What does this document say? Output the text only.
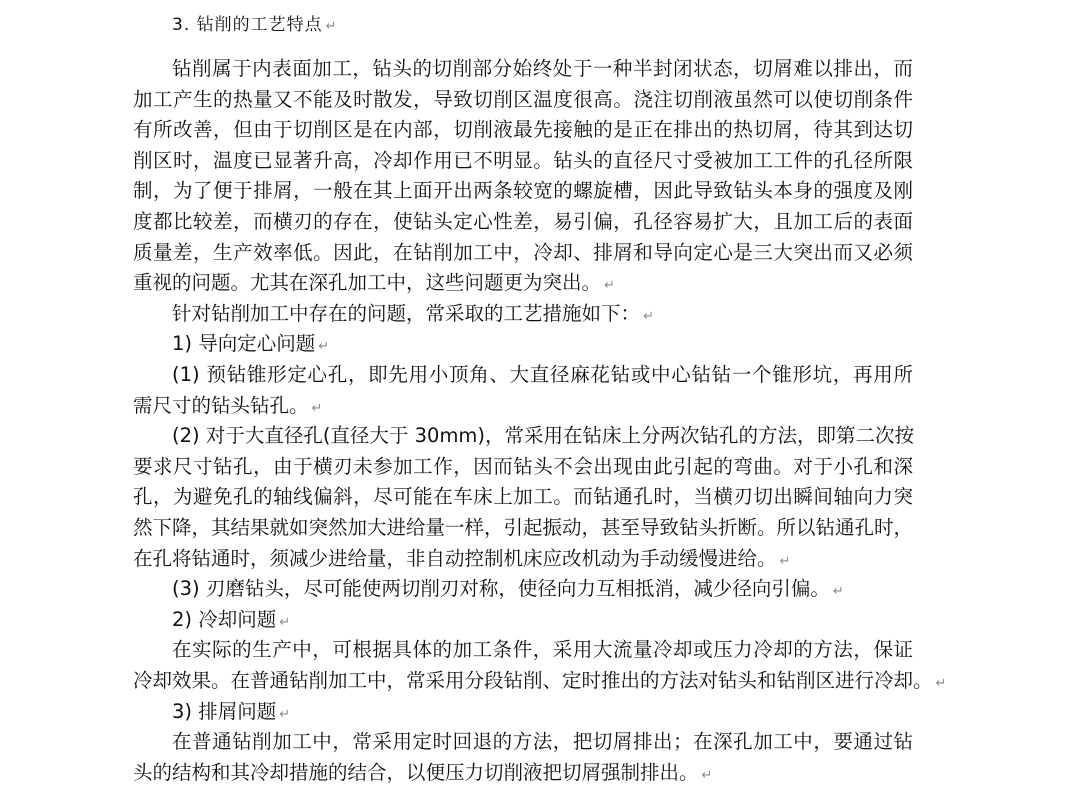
3. 钻削的工艺特点 ↵
钻削属于内表面加工，钻头的切削部分始终处于一种半封闭状态，切屑难以排出，而
加工产生的热量又不能及时散发，导致切削区温度很高。浇注切削液虽然可以使切削条件
有所改善，但由于切削区是在内部，切削液最先接触的是正在排出的热切屑，待其到达切
削区时，温度已显著升高，冷却作用已不明显。钻头的直径尺寸受被加工工件的孔径所限
制，为了便于排屑，一般在其上面开出两条较宽的螺旋槽，因此导致钻头本身的强度及刚
度都比较差，而横刃的存在，使钻头定心性差，易引偏，孔径容易扩大，且加工后的表面
质量差，生产效率低。因此，在钻削加工中，冷却、排屑和导向定心是三大突出而又必须
重视的问题。尤其在深孔加工中，这些问题更为突出。 ↵
针对钻削加工中存在的问题，常采取的工艺措施如下： ↵
1) 导向定心问题 ↵
(1) 预钻锥形定心孔，即先用小顶角、大直径麻花钻或中心钻钻一个锥形坑，再用所
需尺寸的钻头钻孔。 ↵
(2) 对于大直径孔(直径大于 30mm)，常采用在钻床上分两次钻孔的方法，即第二次按
要求尺寸钻孔，由于横刃未参加工作，因而钻头不会出现由此引起的弯曲。对于小孔和深
孔，为避免孔的轴线偏斜，尽可能在车床上加工。而钻通孔时，当横刃切出瞬间轴向力突
然下降，其结果就如突然加大进给量一样，引起振动，甚至导致钻头折断。所以钻通孔时，
在孔将钻通时，须减少进给量，非自动控制机床应改机动为手动缓慢进给。 ↵
(3) 刃磨钻头，尽可能使两切削刃对称，使径向力互相抵消，减少径向引偏。 ↵
2) 冷却问题 ↵
在实际的生产中，可根据具体的加工条件，采用大流量冷却或压力冷却的方法，保证
冷却效果。在普通钻削加工中，常采用分段钻削、定时推出的方法对钻头和钻削区进行冷却。 ↵
3) 排屑问题 ↵
在普通钻削加工中，常采用定时回退的方法，把切屑排出；在深孔加工中，要通过钻
头的结构和其冷却措施的结合，以便压力切削液把切屑强制排出。 ↵
